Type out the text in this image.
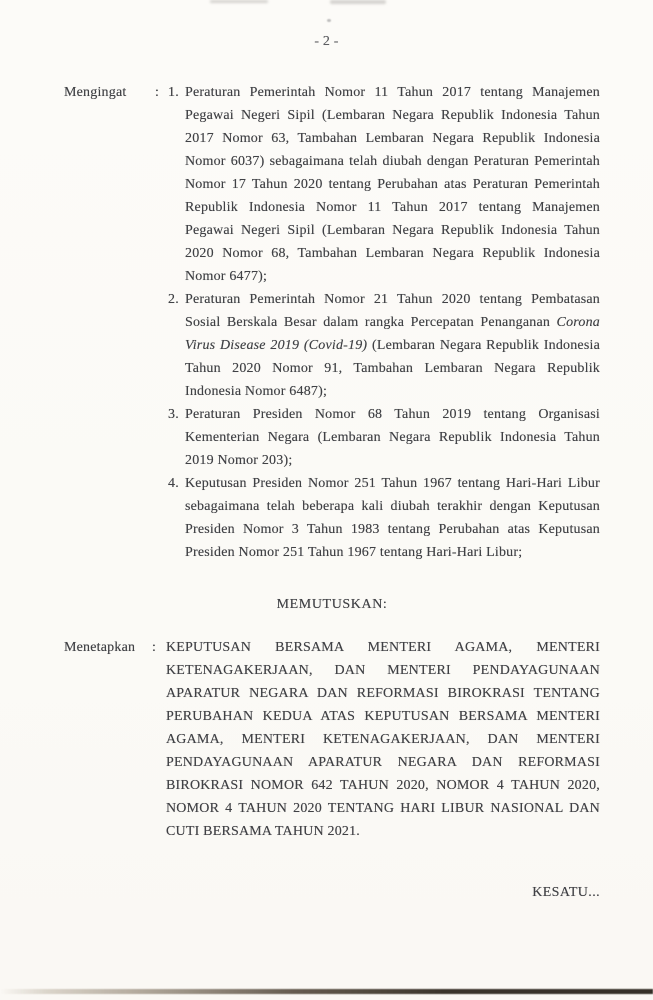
- 2 -
Mengingat	: 1. Peraturan Pemerintah Nomor 11 Tahun 2017 tentang Manajemen Pegawai Negeri Sipil (Lembaran Negara Republik Indonesia Tahun 2017 Nomor 63, Tambahan Lembaran Negara Republik Indonesia Nomor 6037) sebagaimana telah diubah dengan Peraturan Pemerintah Nomor 17 Tahun 2020 tentang Perubahan atas Peraturan Pemerintah Republik Indonesia Nomor 11 Tahun 2017 tentang Manajemen Pegawai Negeri Sipil (Lembaran Negara Republik Indonesia Tahun 2020 Nomor 68, Tambahan Lembaran Negara Republik Indonesia Nomor 6477);

2. Peraturan Pemerintah Nomor 21 Tahun 2020 tentang Pembatasan Sosial Berskala Besar dalam rangka Percepatan Penanganan Corona Virus Disease 2019 (Covid-19) (Lembaran Negara Republik Indonesia Tahun 2020 Nomor 91, Tambahan Lembaran Negara Republik Indonesia Nomor 6487);

3. Peraturan Presiden Nomor 68 Tahun 2019 tentang Organisasi Kementerian Negara (Lembaran Negara Republik Indonesia Tahun 2019 Nomor 203);

4. Keputusan Presiden Nomor 251 Tahun 1967 tentang Hari-Hari Libur sebagaimana telah beberapa kali diubah terakhir dengan Keputusan Presiden Nomor 3 Tahun 1983 tentang Perubahan atas Keputusan Presiden Nomor 251 Tahun 1967 tentang Hari-Hari Libur;

MEMUTUSKAN:
Menetapkan	: KEPUTUSAN BERSAMA MENTERI AGAMA, MENTERI KETENAGAKERJAAN, DAN MENTERI PENDAYAGUNAAN APARATUR NEGARA DAN REFORMASI BIROKRASI TENTANG PERUBAHAN KEDUA ATAS KEPUTUSAN BERSAMA MENTERI AGAMA, MENTERI KETENAGAKERJAAN, DAN MENTERI PENDAYAGUNAAN APARATUR NEGARA DAN REFORMASI BIROKRASI NOMOR 642 TAHUN 2020, NOMOR 4 TAHUN 2020, NOMOR 4 TAHUN 2020 TENTANG HARI LIBUR NASIONAL DAN CUTI BERSAMA TAHUN 2021.

KESATU...
